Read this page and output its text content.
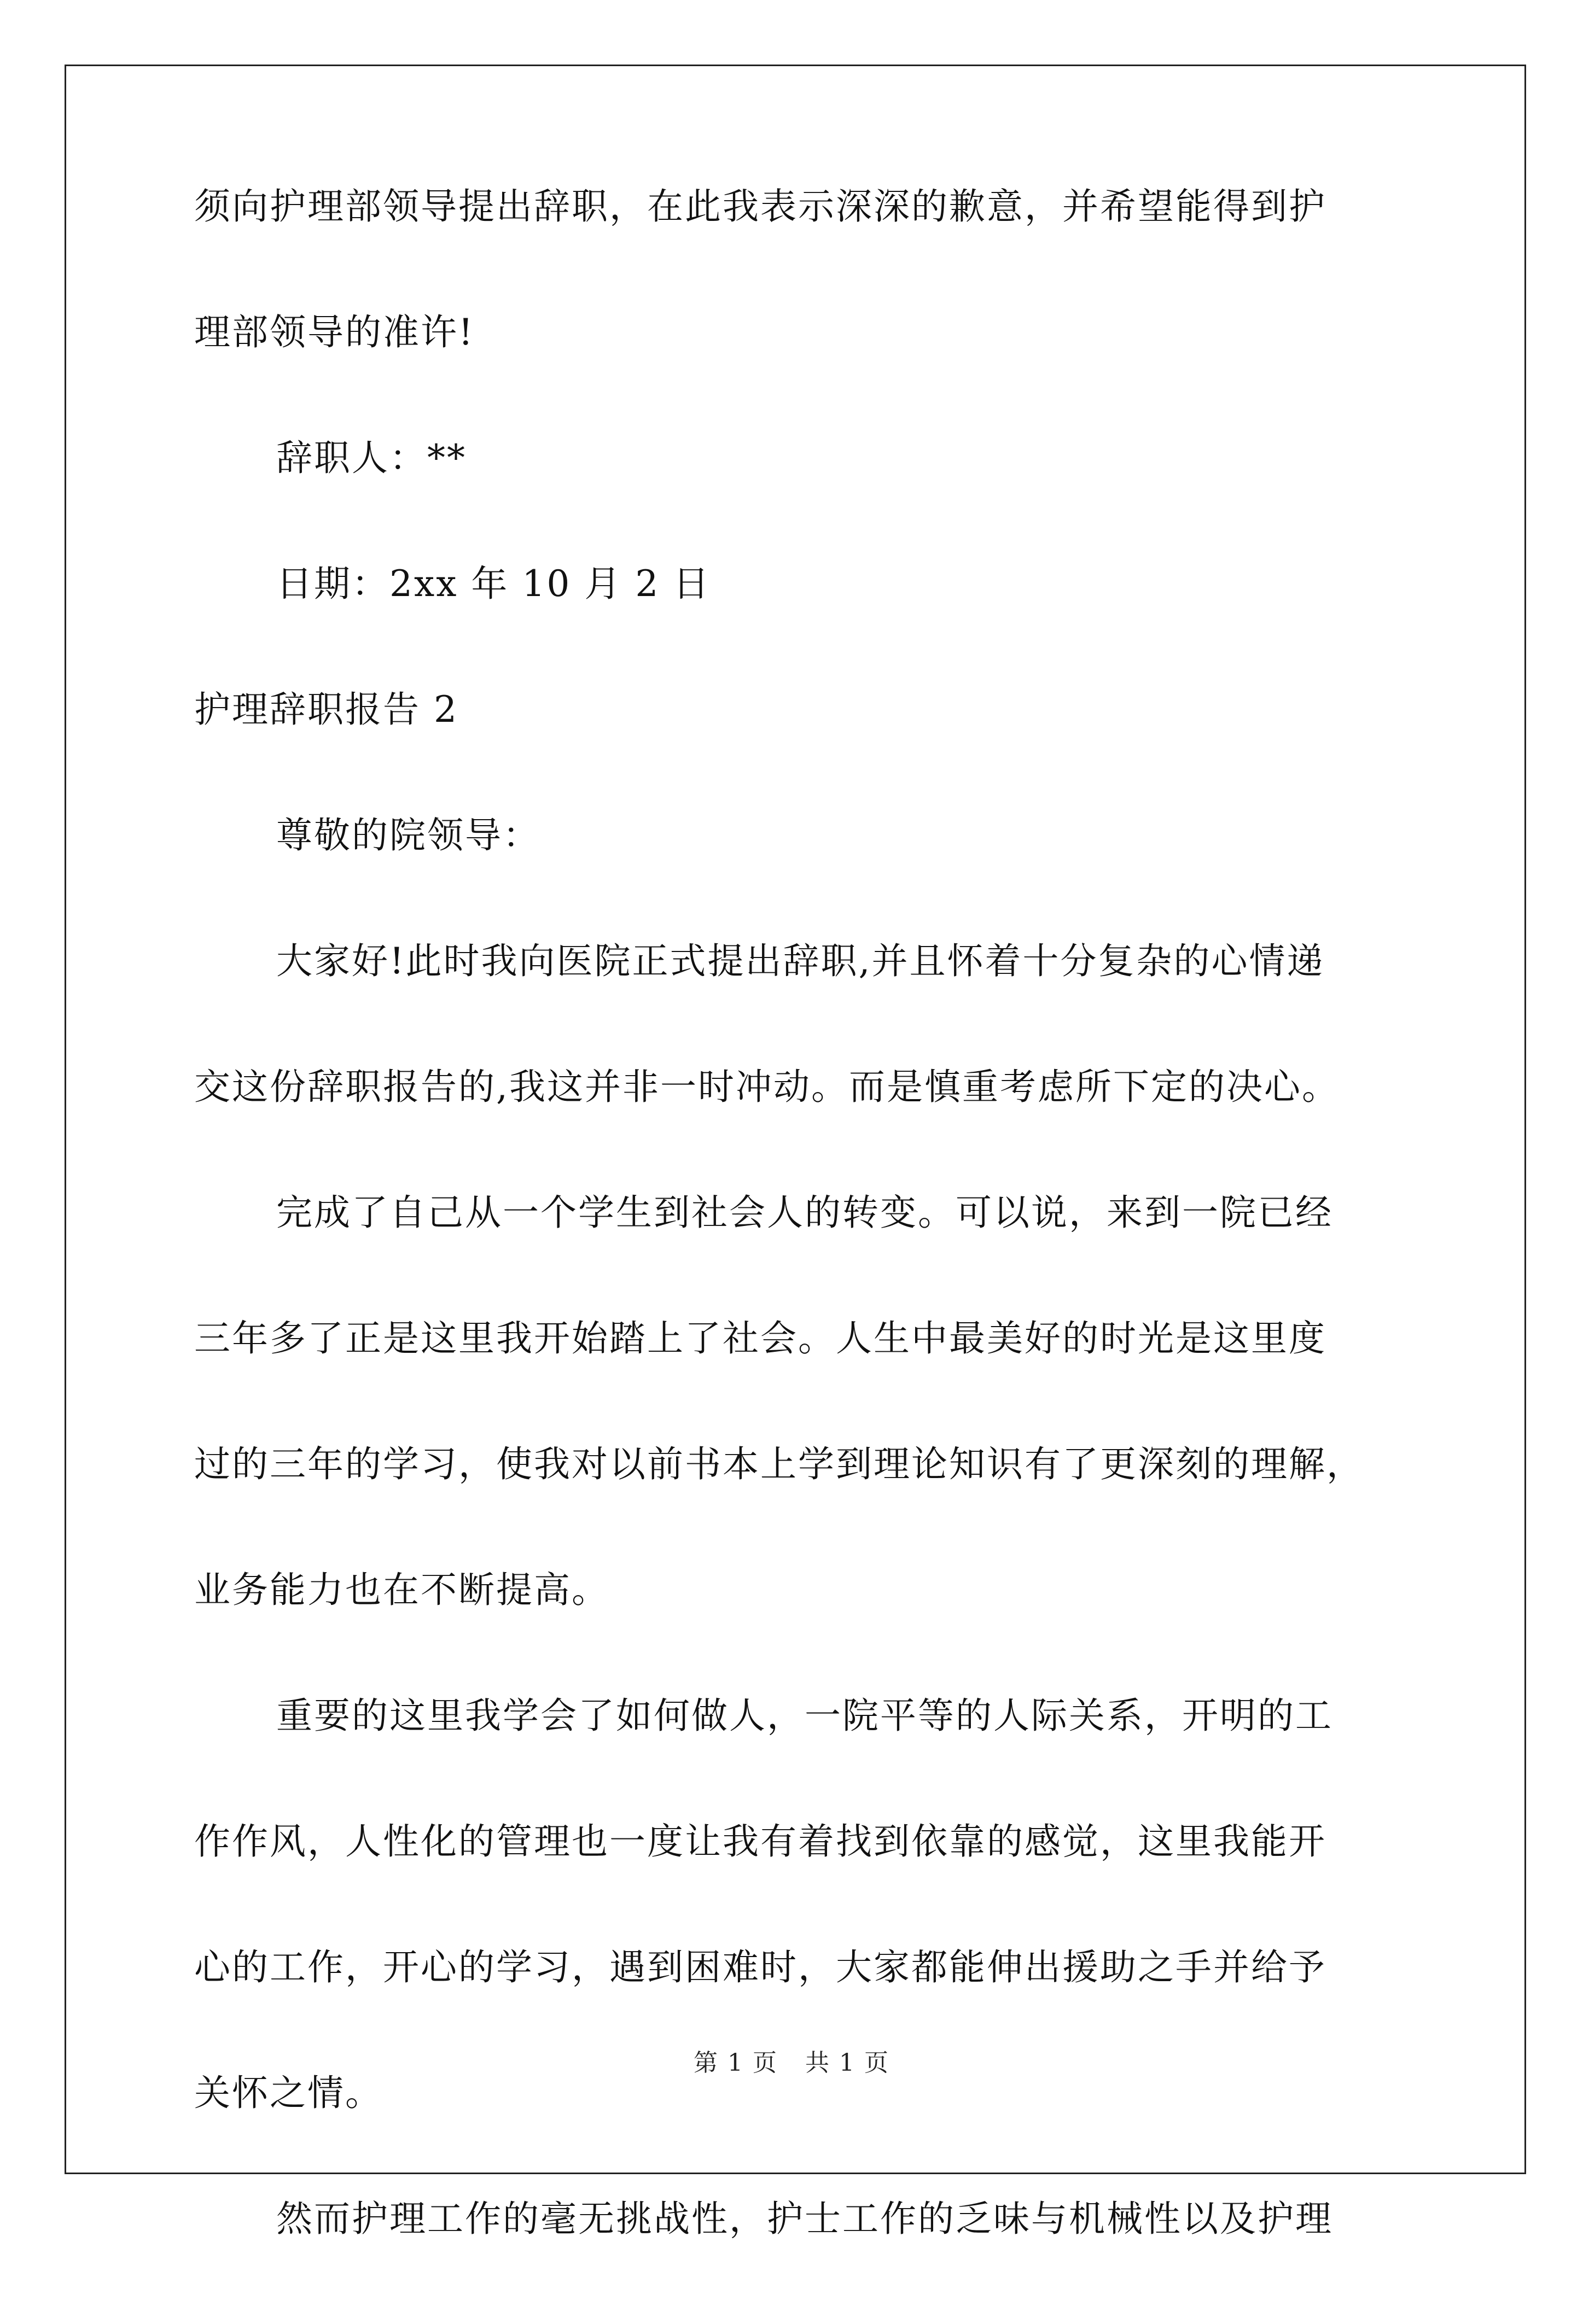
须向护理部领导提出辞职，在此我表示深深的歉意，并希望能得到护
理部领导的准许!
辞职人：**
日期：2xx 年 10 月 2 日
护理辞职报告 2
尊敬的院领导：
大家好!此时我向医院正式提出辞职,并且怀着十分复杂的心情递
交这份辞职报告的,我这并非一时冲动。而是慎重考虑所下定的决心。
完成了自己从一个学生到社会人的转变。可以说，来到一院已经
三年多了正是这里我开始踏上了社会。人生中最美好的时光是这里度
过的三年的学习，使我对以前书本上学到理论知识有了更深刻的理解，
业务能力也在不断提高。
重要的这里我学会了如何做人，一院平等的人际关系，开明的工
作作风，人性化的管理也一度让我有着找到依靠的感觉，这里我能开
心的工作，开心的学习，遇到困难时，大家都能伸出援助之手并给予
关怀之情。
然而护理工作的毫无挑战性，护士工作的乏味与机械性以及护理
第 1 页 共 1 页
